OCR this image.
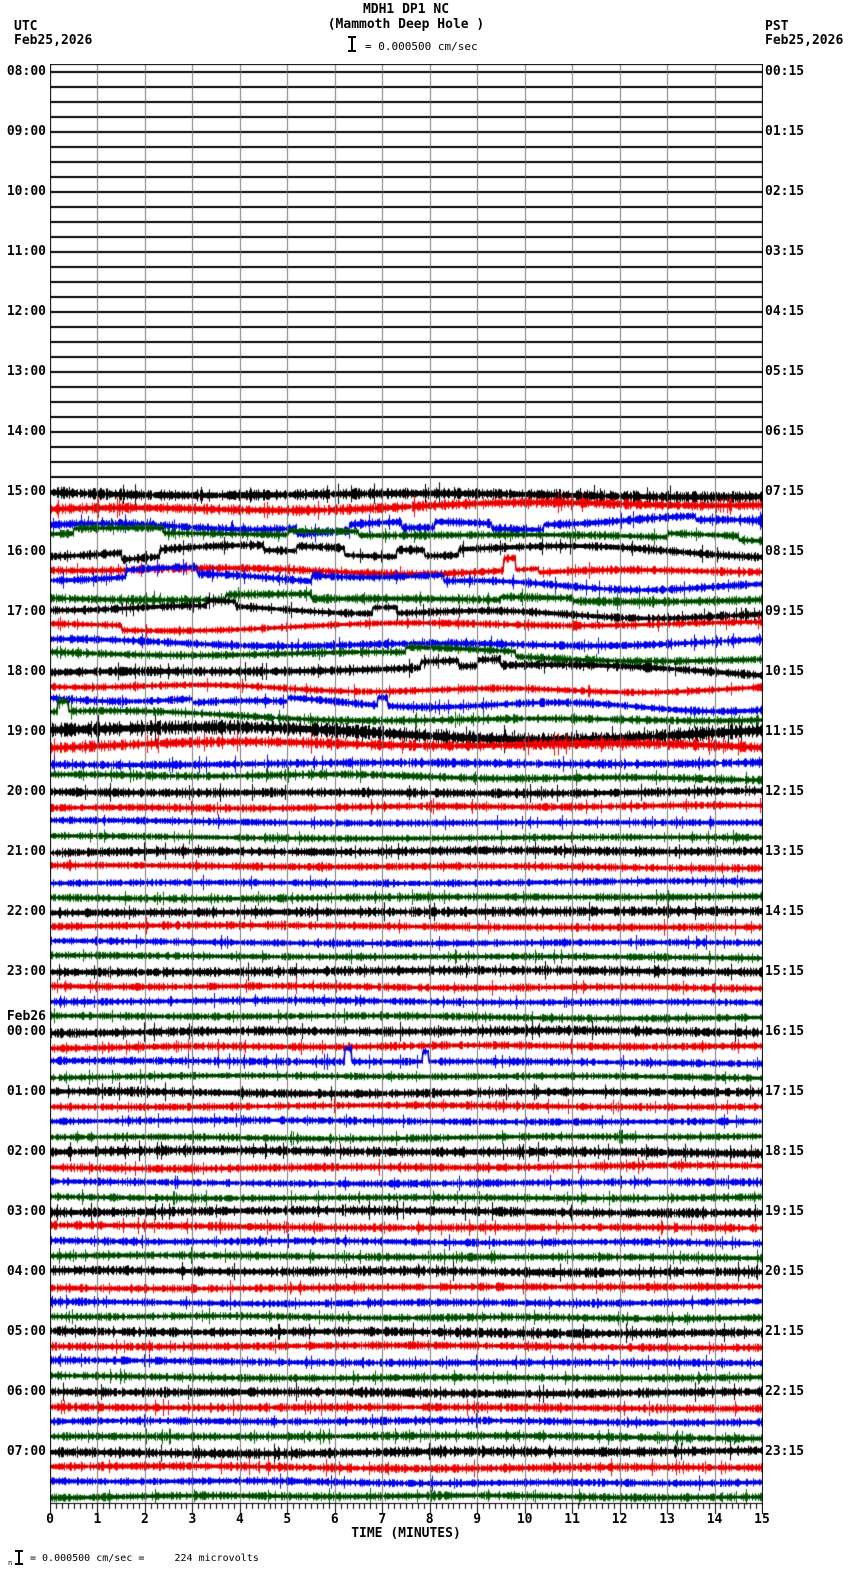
MDH1 DP1 NC
(Mammoth Deep Hole )
UTC
Feb25,2026
PST
Feb25,2026
= 0.000500 cm/sec
08:00
09:00
10:00
11:00
12:00
13:00
14:00
15:00
16:00
17:00
18:00
19:00
20:00
21:00
22:00
23:00
Feb26
00:00
01:00
02:00
03:00
04:00
05:00
06:00
07:00
00:15
01:15
02:15
03:15
04:15
05:15
06:15
07:15
08:15
09:15
10:15
11:15
12:15
13:15
14:15
15:15
16:15
17:15
18:15
19:15
20:15
21:15
22:15
23:15
0	1	2	3	4	5	6	7	8	9	10	11	12	13	14	15
TIME (MINUTES)
n = 0.000500 cm/sec =     224 microvolts
